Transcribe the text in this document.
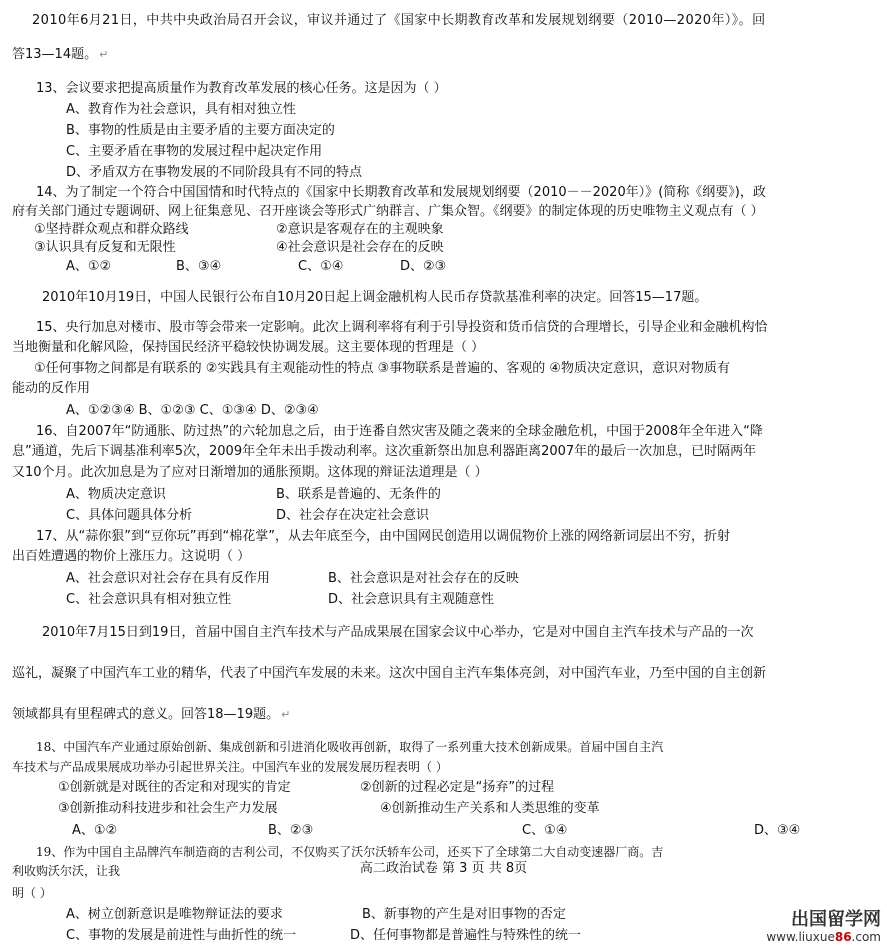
2010年6月21日，中共中央政治局召开会议，审议并通过了《国家中长期教育改革和发展规划纲要（2010—2020年）》。回
答13—14题。 ↵
13、会议要求把提高质量作为教育改革发展的核心任务。这是因为（ ）
A、教育作为社会意识，具有相对独立性
B、事物的性质是由主要矛盾的主要方面决定的
C、主要矛盾在事物的发展过程中起决定作用
D、矛盾双方在事物发展的不同阶段具有不同的特点
14、为了制定一个符合中国国情和时代特点的《国家中长期教育改革和发展规划纲要（2010－－2020年）》(简称《纲要》)，政
府有关部门通过专题调研、网上征集意见、召开座谈会等形式广纳群言、广集众智。《纲要》的制定体现的历史唯物主义观点有（ ）
①坚持群众观点和群众路线	②意识是客观存在的主观映象
③认识具有反复和无限性	④社会意识是社会存在的反映
A、①②	B、③④	C、①④	D、②③
2010年10月19日，中国人民银行公布自10月20日起上调金融机构人民币存贷款基准利率的决定。回答15—17题。
15、央行加息对楼市、股市等会带来一定影响。此次上调利率将有利于引导投资和货币信贷的合理增长，引导企业和金融机构恰
当地衡量和化解风险，保持国民经济平稳较快协调发展。这主要体现的哲理是（ ）
①任何事物之间都是有联系的 ②实践具有主观能动性的特点 ③事物联系是普遍的、客观的 ④物质决定意识，意识对物质有
能动的反作用
A、①②③④ B、①②③ C、①③④ D、②③④
16、自2007年“防通胀、防过热”的六轮加息之后，由于连番自然灾害及随之袭来的全球金融危机，中国于2008年全年进入“降
息”通道，先后下调基准利率5次，2009年全年未出手拨动利率。这次重新祭出加息利器距离2007年的最后一次加息，已时隔两年
又10个月。此次加息是为了应对日渐增加的通胀预期。这体现的辩证法道理是（ ）
A、物质决定意识	B、联系是普遍的、无条件的
C、具体问题具体分析	D、社会存在决定社会意识
17、从“蒜你狠”到“豆你玩”再到“棉花掌”，从去年底至今，由中国网民创造用以调侃物价上涨的网络新词层出不穷，折射
出百姓遭遇的物价上涨压力。这说明（ ）
A、社会意识对社会存在具有反作用	B、社会意识是对社会存在的反映
C、社会意识具有相对独立性	D、社会意识具有主观随意性
2010年7月15日到19日，首届中国自主汽车技术与产品成果展在国家会议中心举办，它是对中国自主汽车技术与产品的一次
巡礼，凝聚了中国汽车工业的精华，代表了中国汽车发展的未来。这次中国自主汽车集体亮剑，对中国汽车业，乃至中国的自主创新
领域都具有里程碑式的意义。回答18—19题。 ↵
18、中国汽车产业通过原始创新、集成创新和引进消化吸收再创新，取得了一系列重大技术创新成果。首届中国自主汽
车技术与产品成果展成功举办引起世界关注。中国汽车业的发展发展历程表明（ ）
①创新就是对既往的否定和对现实的肯定	②创新的过程必定是“扬弃”的过程
③创新推动科技进步和社会生产力发展	④创新推动生产关系和人类思维的变革
A、①②	B、②③	C、①④	D、③④
19、作为中国自主品牌汽车制造商的吉利公司，不仅购买了沃尔沃轿车公司，还买下了全球第二大自动变速器厂商。吉
利收购沃尔沃，让我	高二政治试卷 第 3 页 共 8页
明（ ）
A、树立创新意识是唯物辩证法的要求	B、新事物的产生是对旧事物的否定
C、事物的发展是前进性与曲折性的统一	D、任何事物都是普遍性与特殊性的统一
出国留学网
www.liuxue86.com
